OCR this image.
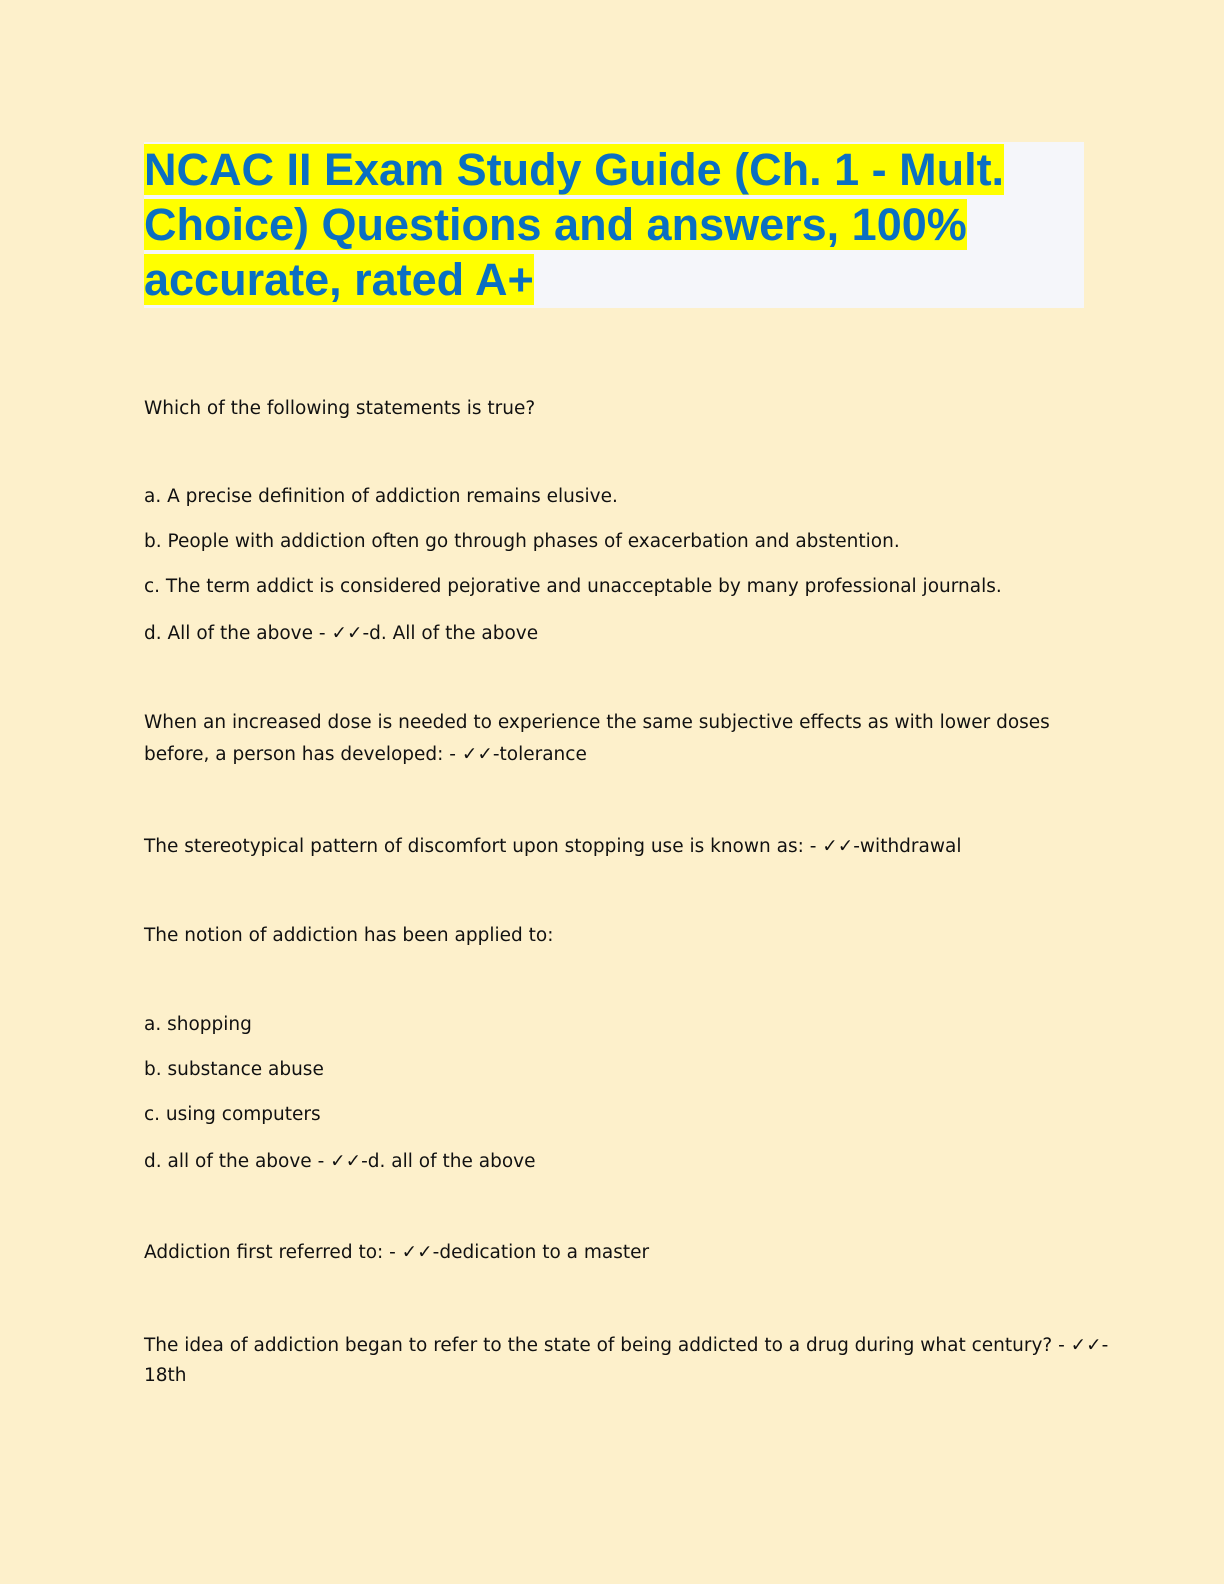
NCAC II Exam Study Guide (Ch. 1 - Mult.
Choice) Questions and answers, 100%
accurate, rated A+
Which of the following statements is true?
a. A precise definition of addiction remains elusive.
b. People with addiction often go through phases of exacerbation and abstention.
c. The term addict is considered pejorative and unacceptable by many professional journals.
d. All of the above - ✓✓-d. All of the above
When an increased dose is needed to experience the same subjective effects as with lower doses
before, a person has developed: - ✓✓-tolerance
The stereotypical pattern of discomfort upon stopping use is known as: - ✓✓-withdrawal
The notion of addiction has been applied to:
a. shopping
b. substance abuse
c. using computers
d. all of the above - ✓✓-d. all of the above
Addiction first referred to: - ✓✓-dedication to a master
The idea of addiction began to refer to the state of being addicted to a drug during what century? - ✓✓-
18th
